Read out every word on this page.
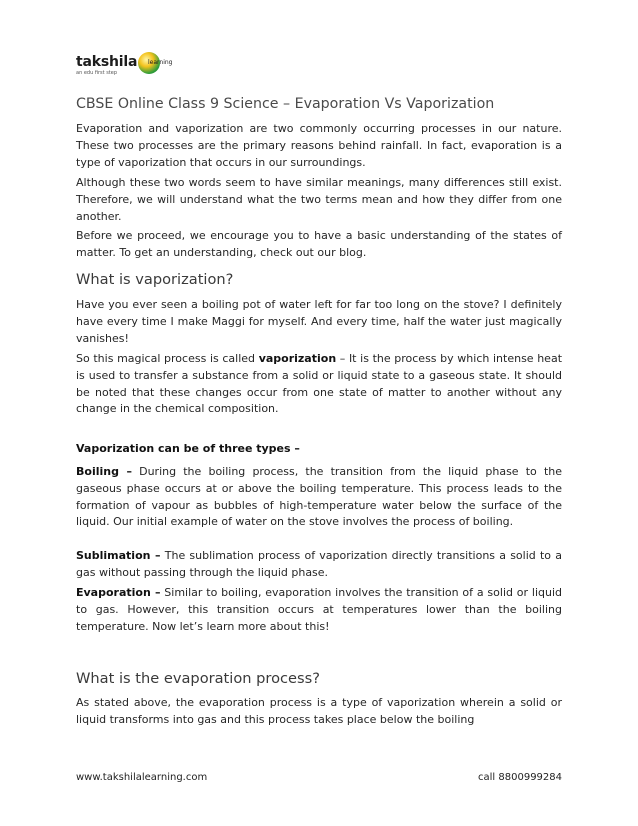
takshila learning
an edu first step
CBSE Online Class 9 Science – Evaporation Vs Vaporization

Evaporation and vaporization are two commonly occurring processes in our nature. These two processes are the primary reasons behind rainfall. In fact, evaporation is a type of vaporization that occurs in our surroundings.

Although these two words seem to have similar meanings, many differences still exist. Therefore, we will understand what the two terms mean and how they differ from one another.

Before we proceed, we encourage you to have a basic understanding of the states of matter. To get an understanding, check out our blog.

What is vaporization?

Have you ever seen a boiling pot of water left for far too long on the stove? I definitely have every time I make Maggi for myself. And every time, half the water just magically vanishes!

So this magical process is called vaporization – It is the process by which intense heat is used to transfer a substance from a solid or liquid state to a gaseous state. It should be noted that these changes occur from one state of matter to another without any change in the chemical composition.

Vaporization can be of three types –

Boiling – During the boiling process, the transition from the liquid phase to the gaseous phase occurs at or above the boiling temperature. This process leads to the formation of vapour as bubbles of high-temperature water below the surface of the liquid. Our initial example of water on the stove involves the process of boiling.

Sublimation – The sublimation process of vaporization directly transitions a solid to a gas without passing through the liquid phase.

Evaporation – Similar to boiling, evaporation involves the transition of a solid or liquid to gas. However, this transition occurs at temperatures lower than the boiling temperature. Now let’s learn more about this!

What is the evaporation process?

As stated above, the evaporation process is a type of vaporization wherein a solid or liquid transforms into gas and this process takes place below the boiling

www.takshilalearning.com	call 8800999284
